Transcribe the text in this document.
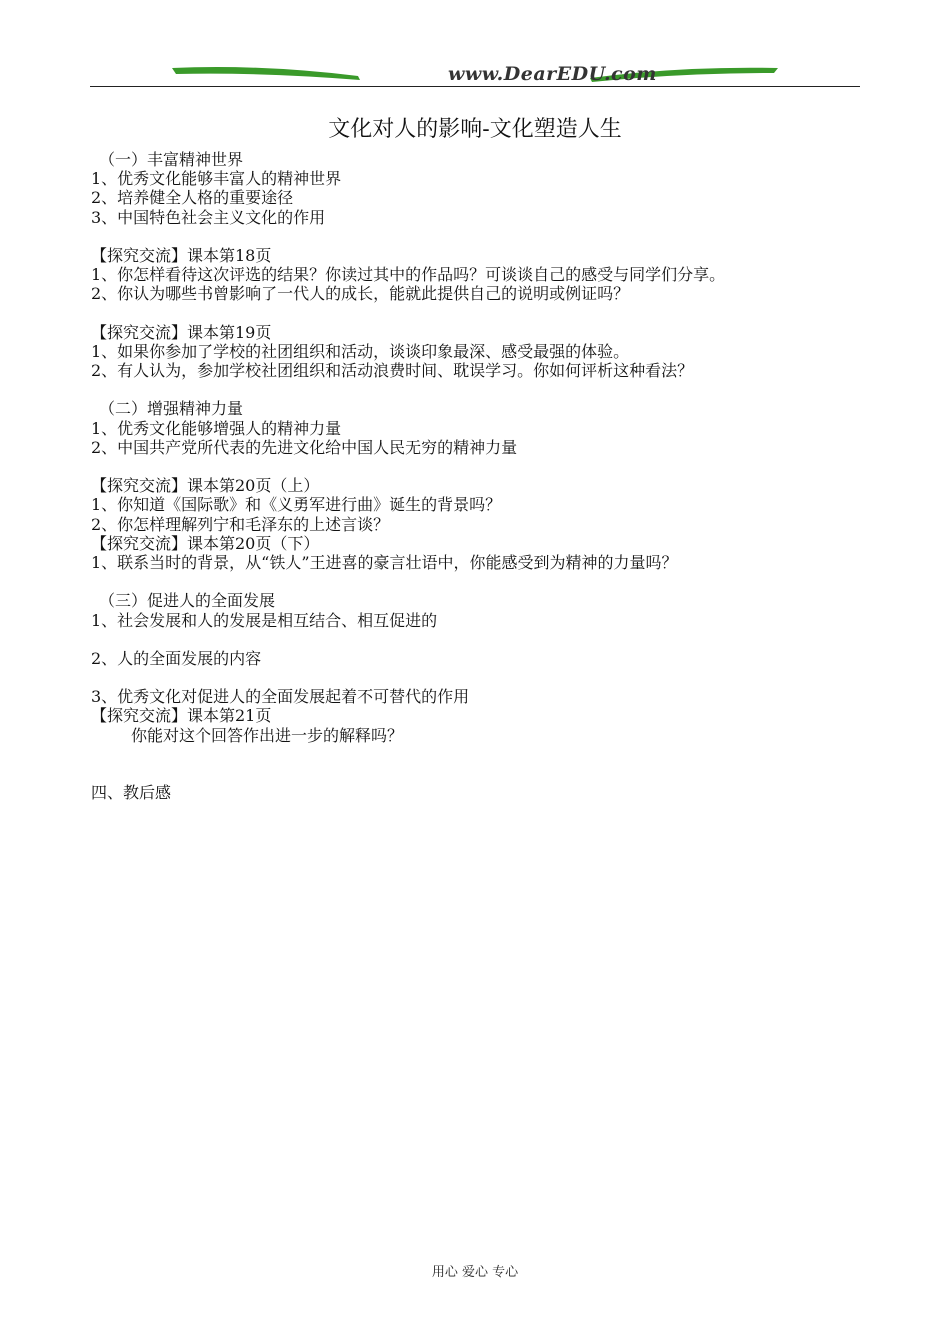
www.DearEDU.com
文化对人的影响-文化塑造人生
（一）丰富精神世界
1、优秀文化能够丰富人的精神世界
2、培养健全人格的重要途径
3、中国特色社会主义文化的作用
【探究交流】课本第18页
1、你怎样看待这次评选的结果？你读过其中的作品吗？可谈谈自己的感受与同学们分享。
2、你认为哪些书曾影响了一代人的成长，能就此提供自己的说明或例证吗？
【探究交流】课本第19页
1、如果你参加了学校的社团组织和活动，谈谈印象最深、感受最强的体验。
2、有人认为，参加学校社团组织和活动浪费时间、耽误学习。你如何评析这种看法？
（二）增强精神力量
1、优秀文化能够增强人的精神力量
2、中国共产党所代表的先进文化给中国人民无穷的精神力量
【探究交流】课本第20页（上）
1、你知道《国际歌》和《义勇军进行曲》诞生的背景吗？
2、你怎样理解列宁和毛泽东的上述言谈？
【探究交流】课本第20页（下）
1、联系当时的背景，从“铁人”王进喜的豪言壮语中，你能感受到为精神的力量吗？
（三）促进人的全面发展
1、社会发展和人的发展是相互结合、相互促进的
2、人的全面发展的内容
3、优秀文化对促进人的全面发展起着不可替代的作用
【探究交流】课本第21页
你能对这个回答作出进一步的解释吗？
四、教后感
用心 爱心 专心
